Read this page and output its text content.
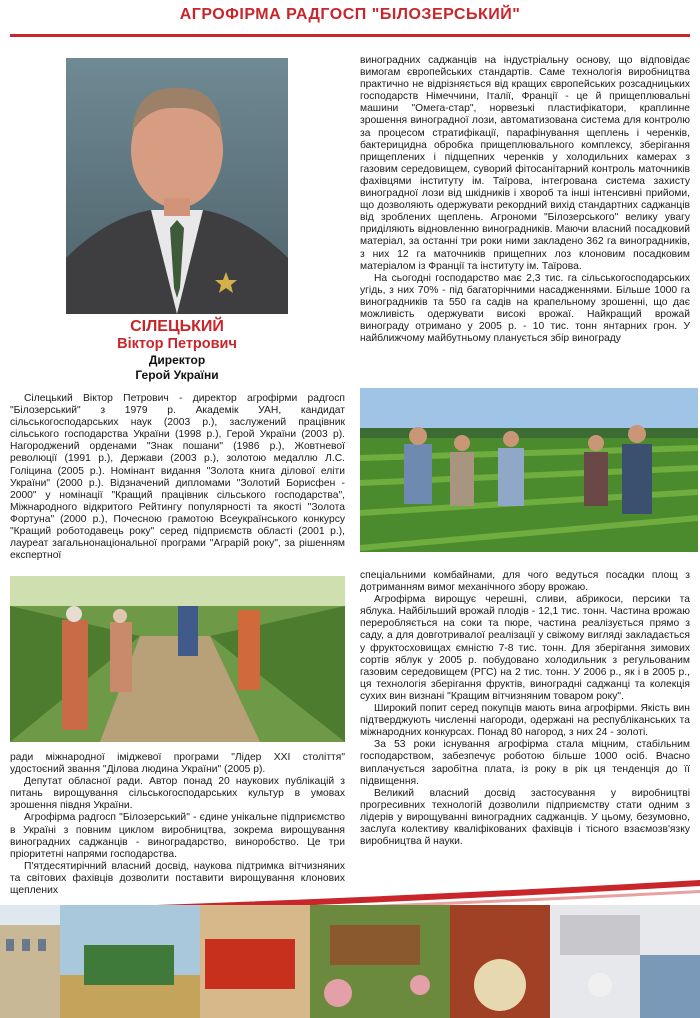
АГРОФІРМА РАДГОСП "БІЛОЗЕРСЬКИЙ"
СІЛЕЦЬКИЙ
Віктор Петрович
Директор
Герой України

Сілецький Віктор Петрович - директор агрофірми радгосп "Білозерський" з 1979 р. Академік УАН, кандидат сільськогосподарських наук (2003 р.), заслужений працівник сільського господарства України (1998 р.), Герой України (2003 р). Нагороджений орденами "Знак пошани" (1986 р.), Жовтневої революції (1991 р.), Держави (2003 р.), золотою медаллю Л.С. Голіцина (2005 р.). Номінант видання "Золота книга ділової еліти України" (2000 р.). Відзначений дипломами "Золотий Борисфен - 2000" у номінації "Кращий працівник сільського господарства", Міжнародного відкритого Рейтингу популярності та якості "Золота Фортуна" (2000 р.), Почесною грамотою Всеукраїнського конкурсу "Кращий роботодавець року" серед підприємств області (2001 р.), лауреат загальнонаціональної програми "Аграрій року", за рішенням експертної

виноградних саджанців на індустріальну основу, що відповідає вимогам європейських стандартів. Саме технологія виробництва практично не відрізняється від кращих європейських розсадницьких господарств Німеччини, Італії, Франції - це й прищеплювальні машини "Омега-стар", норвезькі пластифікатори, краплинне зрошення виноградної лози, автоматизована система для контролю за процесом стратифікації, парафінування щеплень і черенків, бактерицидна обробка прищеплювального комплексу, зберігання прищеплених і підщепних черенків у холодильних камерах з газовим середовищем, суворий фітосанітарний контроль маточників фахівцями інституту ім. Таїрова, інтегрована система захисту виноградної лози від шкідників і хвороб та інші інтенсивні прийоми, що дозволяють одержувати рекордний вихід стандартних саджанців від зроблених щеплень. Агрономи "Білозерського" велику увагу приділяють відновленню виноградників. Маючи власний посадковий матеріал, за останні три роки ними закладено 362 га виноградників, з них 12 га маточників прищепних лоз клоновим посадковим матеріалом із Франції та інституту ім. Таїрова.

На сьогодні господарство має 2,3 тис. га сільськогосподарських угідь, з них 70% - під багаторічними насадженнями. Більше 1000 га виноградників та 550 га садів на крапельному зрошенні, що дає можливість одержувати високі врожаї. Найкращий врожай винограду отримано у 2005 р. - 10 тис. тонн янтарних грон. У найближчому майбутньому планується збір винограду

ради міжнародної іміджевої програми "Лідер XXI століття" удостоєний звання "Ділова людина України" (2005 р).

Депутат обласної ради. Автор понад 20 наукових публікацій з питань вирощування сільськогосподарських культур в умовах зрошення півдня України.

Агрофірма радгосп "Білозерський" - єдине унікальне підприємство в Україні з повним циклом виробництва, зокрема вирощування виноградних саджанців - виноградарство, виноробство. Це три пріоритетні напрями господарства.

П'ятдесятирічний власний досвід, наукова підтримка вітчизняних та світових фахівців дозволити поставити вирощування клонових щеплених

спеціальними комбайнами, для чого ведуться посадки площ з дотриманням вимог механічного збору врожаю.

Агрофірма вирощує черешні, сливи, абрикоси, персики та яблука. Найбільший врожай плодів - 12,1 тис. тонн. Частина врожаю переробляється на соки та пюре, частина реалізується прямо з саду, а для довготривалої реалізації у свіжому вигляді закладається у фруктосховищах ємністю 7-8 тис. тонн. Для зберігання зимових сортів яблук у 2005 р. побудовано холодильник з регульованим газовим середовищем (РГС) на 2 тис. тонн. У 2006 р., як і в 2005 р., ця технологія зберігання фруктів, виноградні саджанці та колекція сухих вин визнані "Кращим вітчизняним товаром року".

Широкий попит серед покупців мають вина агрофірми. Якість вин підтверджують численні нагороди, одержані на республіканських та міжнародних конкурсах. Понад 80 нагород, з них 24 - золоті.

За 53 роки існування агрофірма стала міцним, стабільним господарством, забезпечує роботою більше 1000 осіб. Вчасно виплачується заробітна плата, із року в рік ця тенденція до її підвищення.

Великий власний досвід застосування у виробництві прогресивних технологій дозволили підприємству стати одним з лідерів у вирощуванні виноградних саджанців. У цьому, безумовно, заслуга колективу кваліфікованих фахівців і тісного взаємозв'язку виробництва й науки.
